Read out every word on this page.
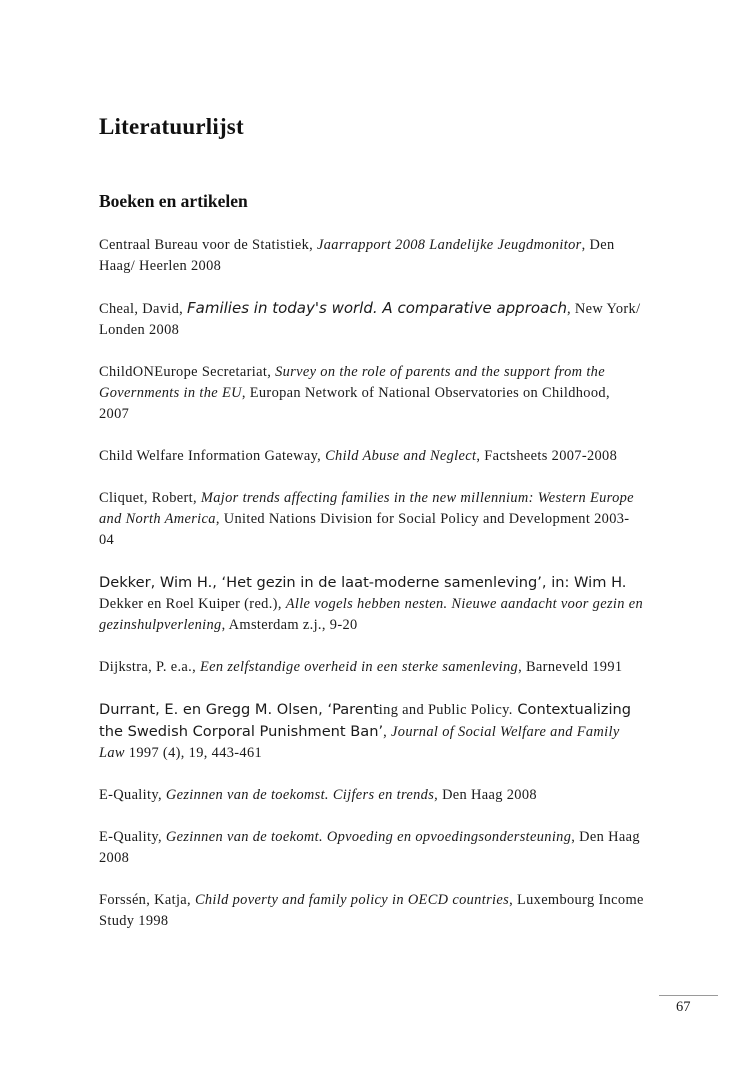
Literatuurlijst
Boeken en artikelen
Centraal Bureau voor de Statistiek, Jaarrapport 2008 Landelijke Jeugdmonitor, Den Haag/ Heerlen 2008
Cheal, David, Families in today's world. A comparative approach, New York/ Londen 2008
ChildONEurope Secretariat, Survey on the role of parents and the support from the Governments in the EU, Europan Network of National Observatories on Childhood, 2007
Child Welfare Information Gateway, Child Abuse and Neglect, Factsheets 2007-2008
Cliquet, Robert, Major trends affecting families in the new millennium: Western Europe and North America, United Nations Division for Social Policy and Development 2003-04
Dekker, Wim H., ‘Het gezin in de laat-moderne samenleving’, in: Wim H. Dekker en Roel Kuiper (red.), Alle vogels hebben nesten. Nieuwe aandacht voor gezin en gezinshulpverlening, Amsterdam z.j., 9-20
Dijkstra, P. e.a., Een zelfstandige overheid in een sterke samenleving, Barneveld 1991
Durrant, E. en Gregg M. Olsen, ‘Parenting and Public Policy. Contextualizing the Swedish Corporal Punishment Ban’, Journal of Social Welfare and Family Law 1997 (4), 19, 443-461
E-Quality, Gezinnen van de toekomst. Cijfers en trends, Den Haag 2008
E-Quality, Gezinnen van de toekomt. Opvoeding en opvoedingsondersteuning, Den Haag 2008
Forssén, Katja, Child poverty and family policy in OECD countries, Luxembourg Income Study 1998
67
